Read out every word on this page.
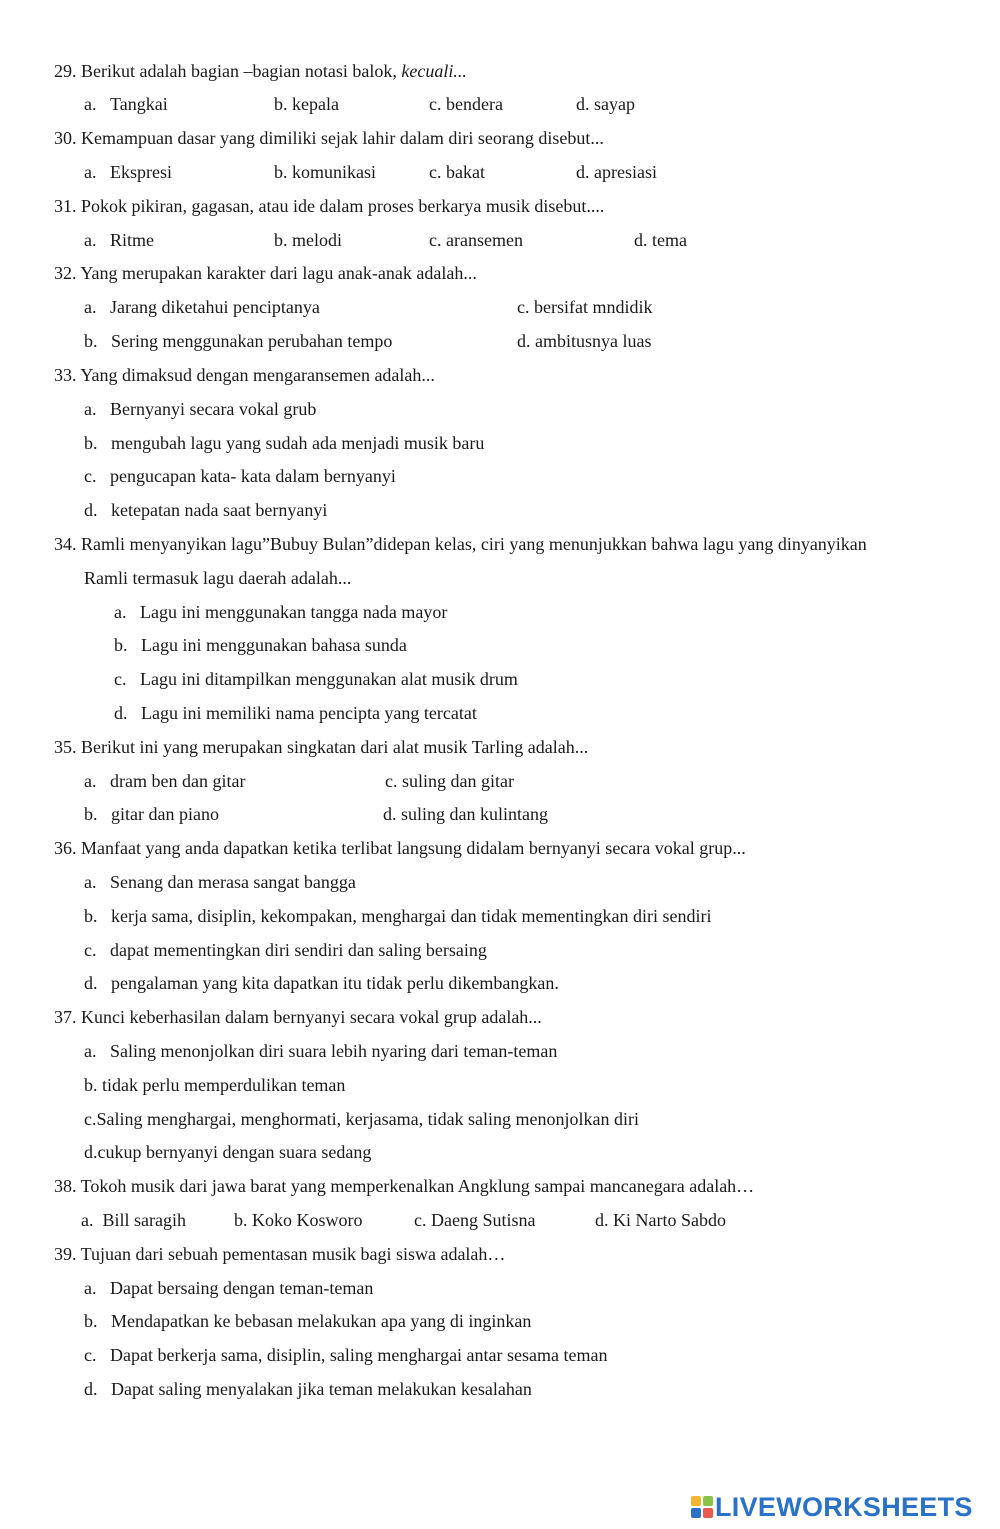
29. Berikut adalah bagian –bagian notasi balok, kecuali...
a.   Tangkai	b. kepala	c. bendera	d. sayap
30. Kemampuan dasar yang dimiliki sejak lahir dalam diri seorang disebut...
a.   Ekspresi	b. komunikasi	c. bakat	d. apresiasi
31. Pokok pikiran, gagasan, atau ide dalam proses berkarya musik disebut....
a.   Ritme	b. melodi	c. aransemen	d. tema
32. Yang merupakan karakter dari lagu anak-anak adalah...
a.   Jarang diketahui penciptanya	c. bersifat mndidik
b.   Sering menggunakan perubahan tempo	d. ambitusnya luas
33. Yang dimaksud dengan mengaransemen adalah...
a.   Bernyanyi secara vokal grub
b.   mengubah lagu yang sudah ada menjadi musik baru
c.   pengucapan kata- kata dalam bernyanyi
d.   ketepatan nada saat bernyanyi
34. Ramli menyanyikan lagu”Bubuy Bulan”didepan kelas, ciri yang menunjukkan bahwa lagu yang dinyanyikan
Ramli termasuk lagu daerah adalah...
a.   Lagu ini menggunakan tangga nada mayor
b.   Lagu ini menggunakan bahasa sunda
c.   Lagu ini ditampilkan menggunakan alat musik drum
d.   Lagu ini memiliki nama pencipta yang tercatat
35. Berikut ini yang merupakan singkatan dari alat musik Tarling adalah...
a.   dram ben dan gitar	c. suling dan gitar
b.   gitar dan piano	d. suling dan kulintang
36. Manfaat yang anda dapatkan ketika terlibat langsung didalam bernyanyi secara vokal grup...
a.   Senang dan merasa sangat bangga
b.   kerja sama, disiplin, kekompakan, menghargai dan tidak mementingkan diri sendiri
c.   dapat mementingkan diri sendiri dan saling bersaing
d.   pengalaman yang kita dapatkan itu tidak perlu dikembangkan.
37. Kunci keberhasilan dalam bernyanyi secara vokal grup adalah...
a.   Saling menonjolkan diri suara lebih nyaring dari teman-teman
b. tidak perlu memperdulikan teman
c.Saling menghargai, menghormati, kerjasama, tidak saling menonjolkan diri
d.cukup bernyanyi dengan suara sedang
38. Tokoh musik dari jawa barat yang memperkenalkan Angklung sampai mancanegara adalah…
a.  Bill saragih	b. Koko Kosworo	c. Daeng Sutisna	d. Ki Narto Sabdo
39. Tujuan dari sebuah pementasan musik bagi siswa adalah…
a.   Dapat bersaing dengan teman-teman
b.   Mendapatkan ke bebasan melakukan apa yang di inginkan
c.   Dapat berkerja sama, disiplin, saling menghargai antar sesama teman
d.   Dapat saling menyalakan jika teman melakukan kesalahan
LIVEWORKSHEETS
